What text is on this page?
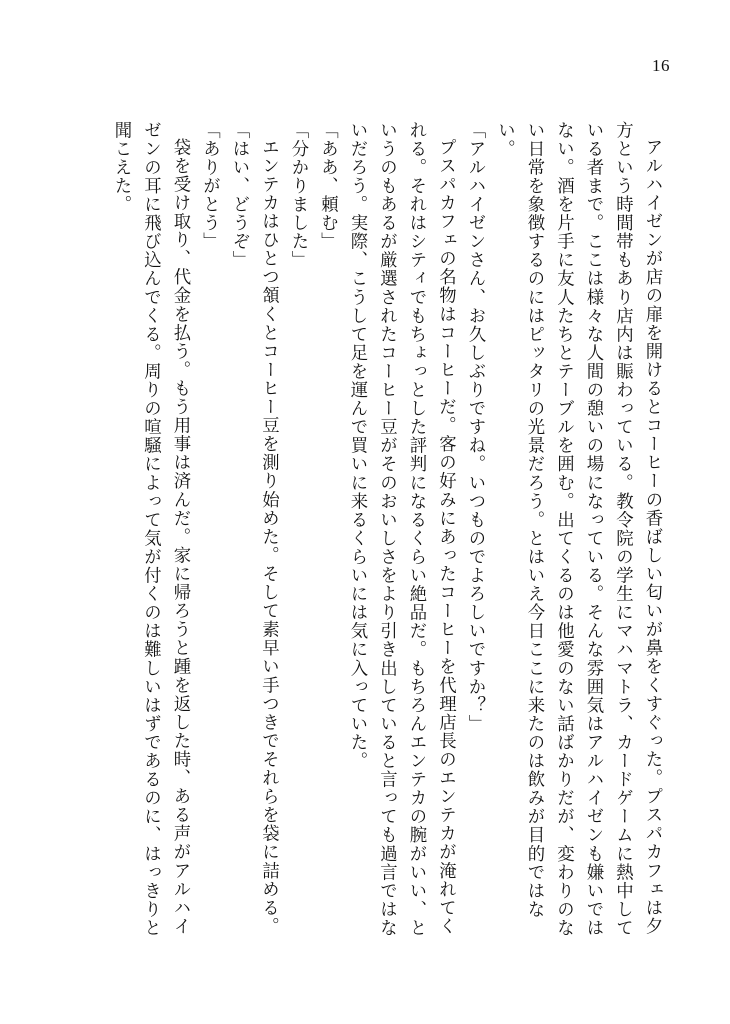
16

アルハイゼンが店の扉を開けるとコーヒーの香ばしい匂いが鼻をくすぐった。プスパカフェは夕方という時間帯もあり店内は賑わっている。教令院の学生にマハマトラ、カードゲームに熱中している者まで。ここは様々な人間の憩いの場になっている。そんな雰囲気はアルハイゼンも嫌いではない。酒を片手に友人たちとテーブルを囲む。出てくるのは他愛のない話ばかりだが、変わりのない日常を象徴するのにはピッタリの光景だろう。とはいえ今日ここに来たのは飲みが目的ではない。

「アルハイゼンさん、お久しぶりですね。いつものでよろしいですか？」

プスパカフェの名物はコーヒーだ。客の好みにあったコーヒーを代理店長のエンテカが淹れてくれる。それはシティでもちょっとした評判になるくらい絶品だ。もちろんエンテカの腕がいい、というのもあるが厳選されたコーヒー豆がそのおいしさをより引き出していると言っても過言ではないだろう。実際、こうして足を運んで買いに来るくらいには気に入っていた。

「ああ、頼む」

「分かりました」

エンテカはひとつ頷くとコーヒー豆を測り始めた。そして素早い手つきでそれらを袋に詰める。「はい、どうぞ」

「ありがとう」

袋を受け取り、代金を払う。もう用事は済んだ。家に帰ろうと踵を返した時、ある声がアルハイゼンの耳に飛び込んでくる。周りの喧騒によって気が付くのは難しいはずであるのに、はっきりと聞こえた。
